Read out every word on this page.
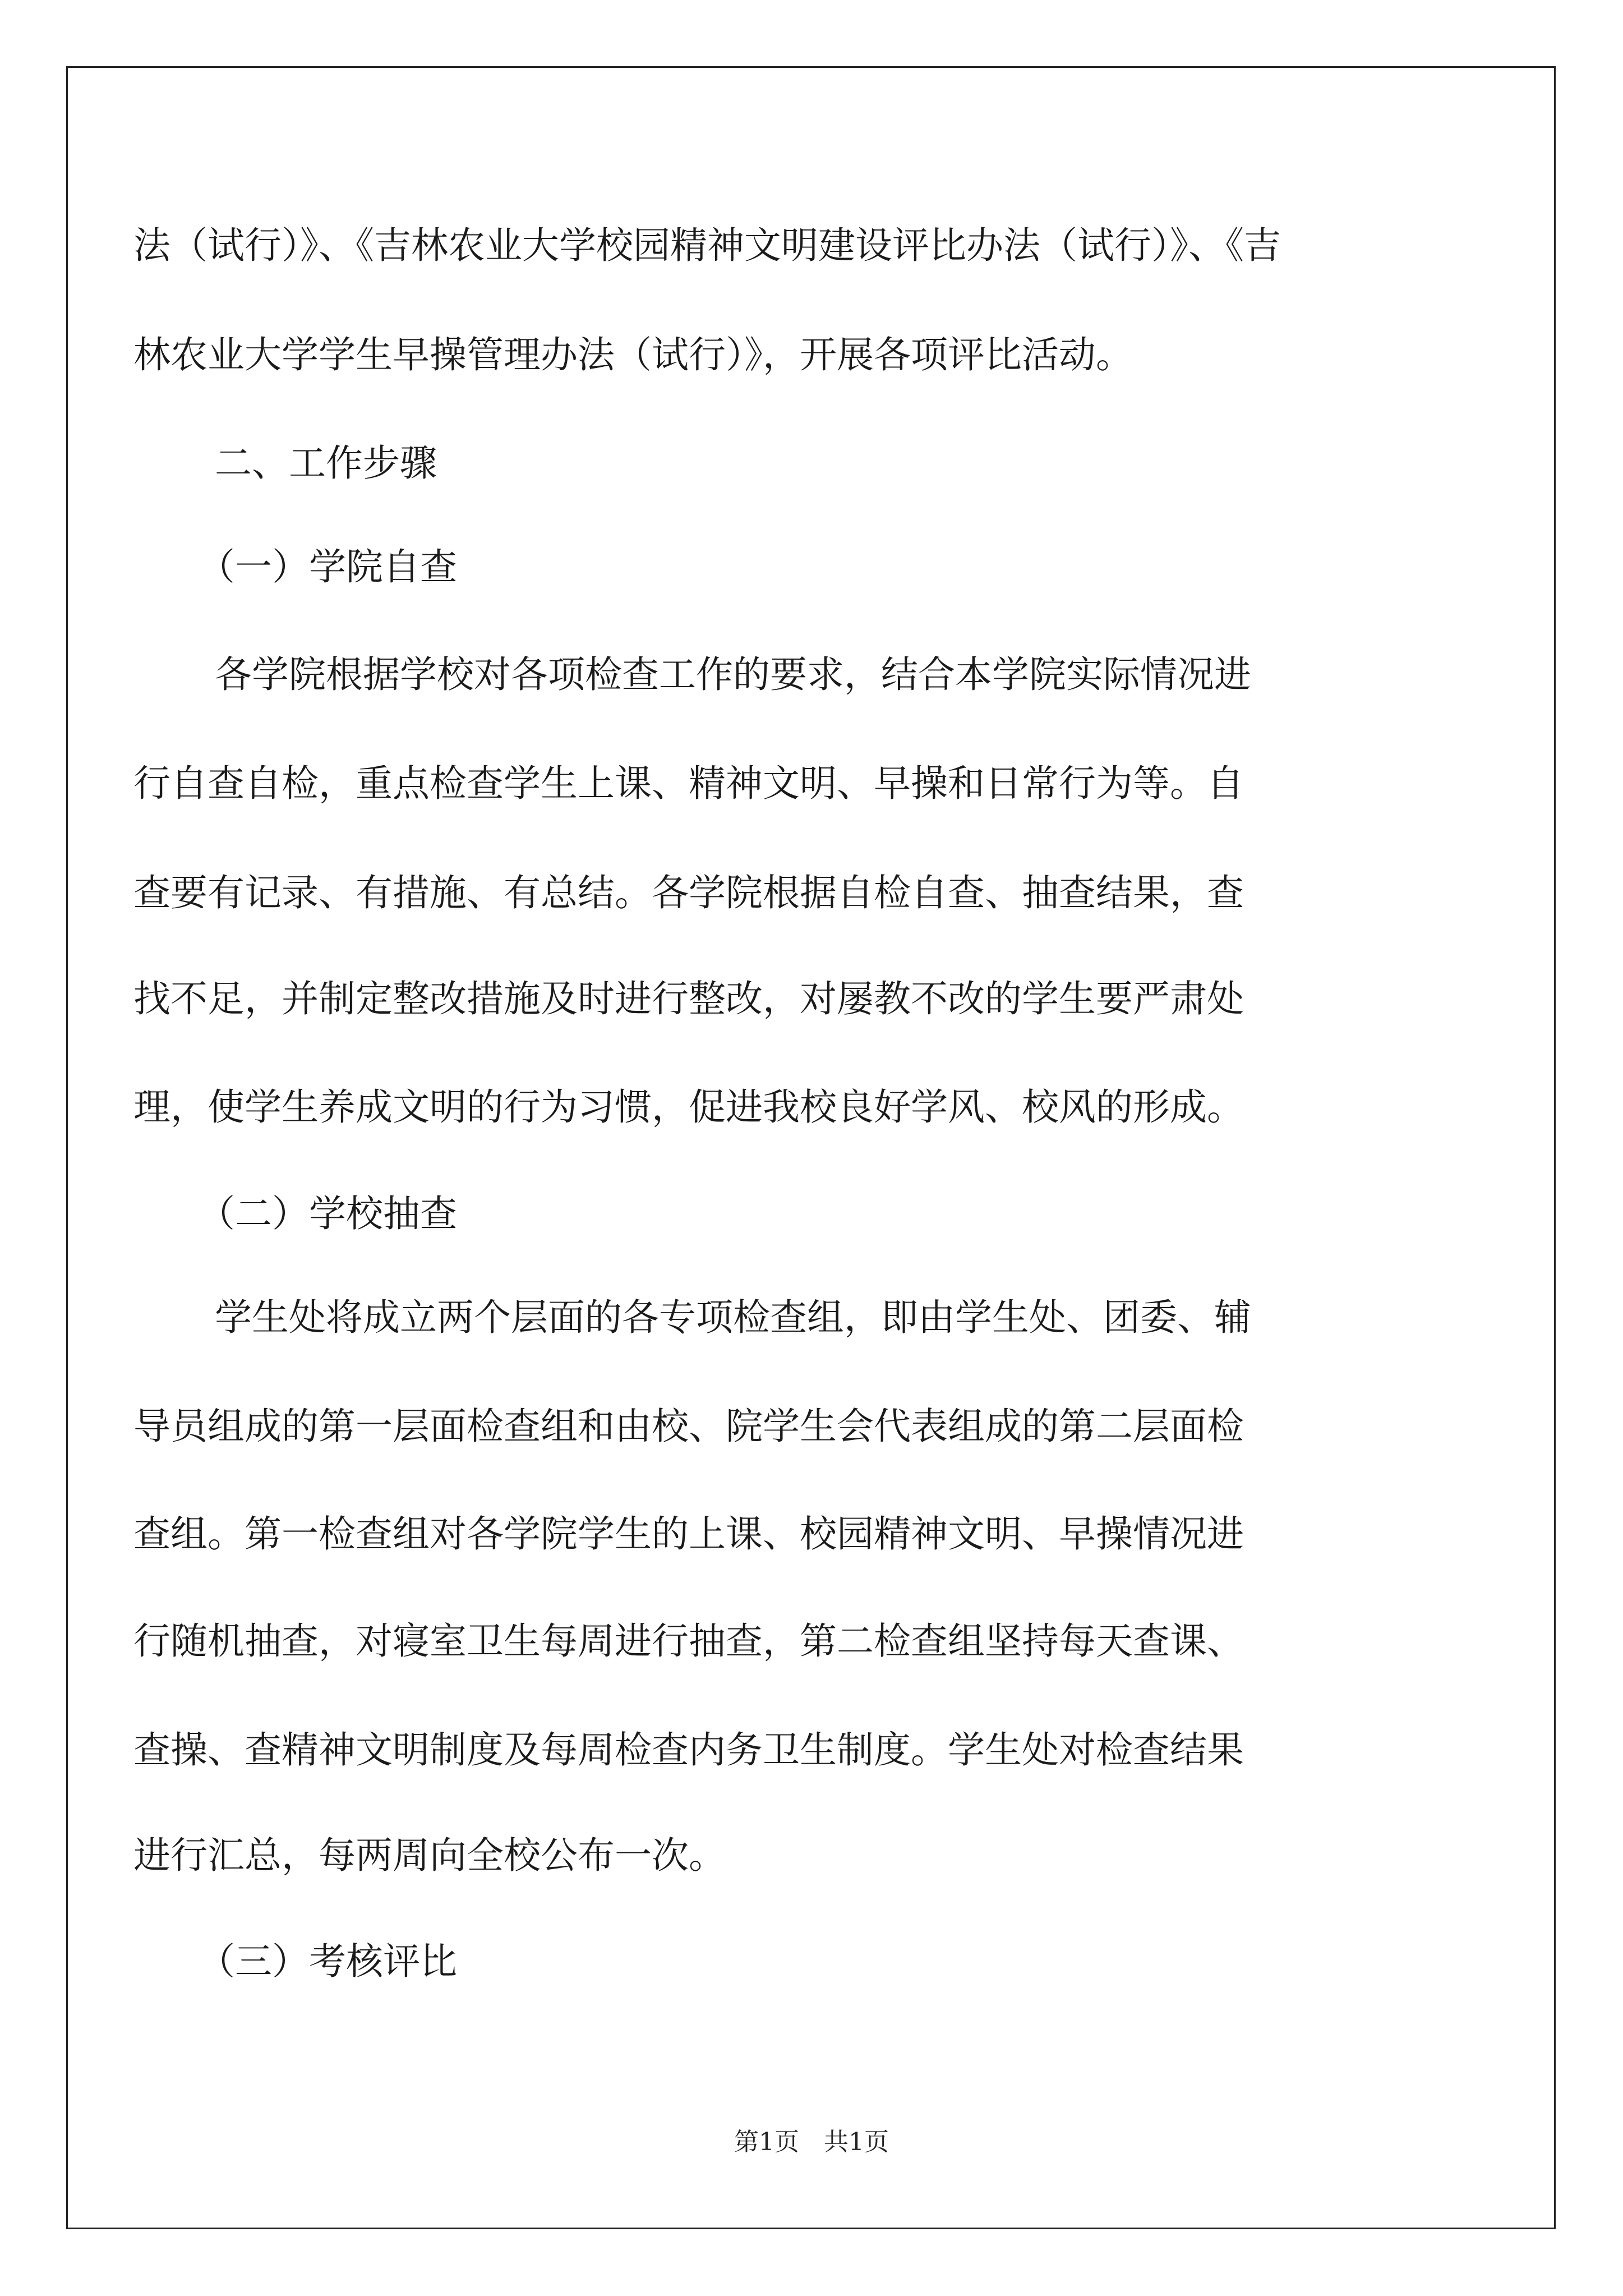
法（试行）》、《吉林农业大学校园精神文明建设评比办法（试行）》、《吉
林农业大学学生早操管理办法（试行）》，开展各项评比活动。
二、工作步骤
（一）学院自查
各学院根据学校对各项检查工作的要求，结合本学院实际情况进
行自查自检，重点检查学生上课、精神文明、早操和日常行为等。自
查要有记录、有措施、有总结。各学院根据自检自查、抽查结果，查
找不足，并制定整改措施及时进行整改，对屡教不改的学生要严肃处
理，使学生养成文明的行为习惯，促进我校良好学风、校风的形成。
（二）学校抽查
学生处将成立两个层面的各专项检查组，即由学生处、团委、辅
导员组成的第一层面检查组和由校、院学生会代表组成的第二层面检
查组。第一检查组对各学院学生的上课、校园精神文明、早操情况进
行随机抽查，对寝室卫生每周进行抽查，第二检查组坚持每天查课、
查操、查精神文明制度及每周检查内务卫生制度。学生处对检查结果
进行汇总，每两周向全校公布一次。
（三）考核评比
第1页　共1页
